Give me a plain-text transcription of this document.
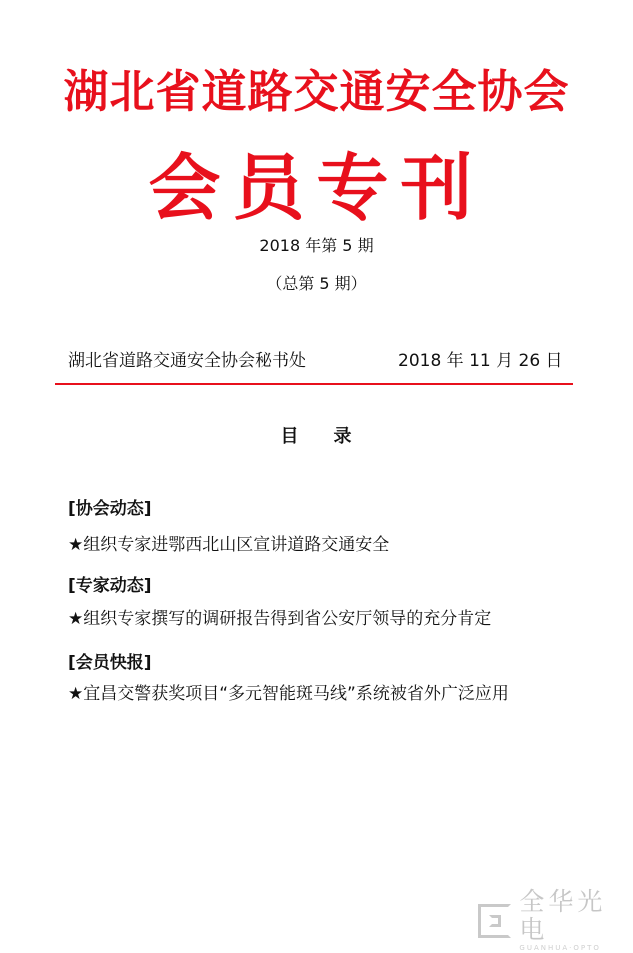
湖北省道路交通安全协会
会员专刊
2018 年第 5 期
（总第 5 期）
湖北省道路交通安全协会秘书处	2018 年 11 月 26 日
目 录
[协会动态]
★组织专家进鄂西北山区宣讲道路交通安全
[专家动态]
★组织专家撰写的调研报告得到省公安厅领导的充分肯定
[会员快报]
★宜昌交警获奖项目“多元智能斑马线”系统被省外广泛应用
全华光电
GUANHUA·OPTO
